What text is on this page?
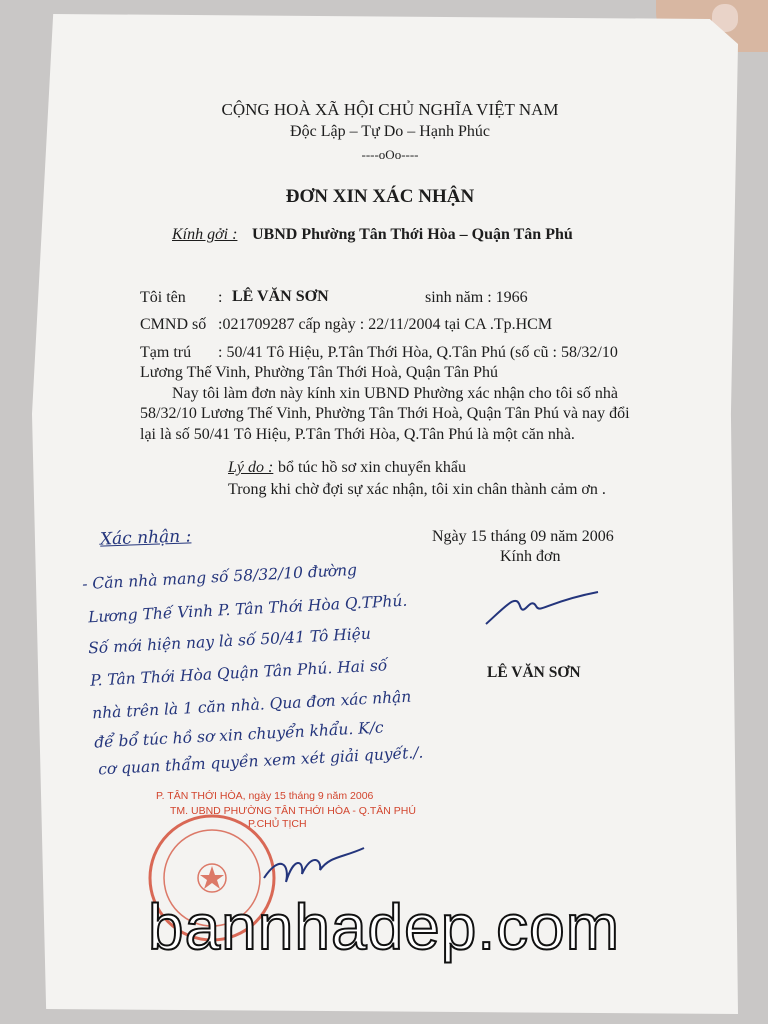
CỘNG HOÀ XÃ HỘI CHỦ NGHĨA VIỆT NAM
Độc Lập – Tự Do – Hạnh Phúc
----oOo----
ĐƠN XIN XÁC NHẬN
Kính gởi : UBND Phường Tân Thới Hòa – Quận Tân Phú
Tôi tên : LÊ VĂN SƠN	sinh năm : 1966
CMND số :021709287 cấp ngày : 22/11/2004 tại CA .Tp.HCM
Tạm trú : 50/41 Tô Hiệu, P.Tân Thới Hòa, Q.Tân Phú (số cũ : 58/32/10
Lương Thế Vinh, Phường Tân Thới Hoà, Quận Tân Phú
Nay tôi làm đơn này kính xin UBND Phường xác nhận cho tôi số nhà
58/32/10 Lương Thế Vinh, Phường Tân Thới Hoà, Quận Tân Phú và nay đổi
lại là số 50/41 Tô Hiệu, P.Tân Thới Hòa, Q.Tân Phú là một căn nhà.
Lý do : bổ túc hồ sơ xin chuyển khẩu
Trong khi chờ đợi sự xác nhận, tôi xin chân thành cảm ơn .
Ngày 15 tháng 09 năm 2006
Kính đơn
LÊ VĂN SƠN
Xác nhận :
- Căn nhà mang số 58/32/10 đường
Lương Thế Vinh P. Tân Thới Hòa Q.TPhú.
Số mới hiện nay là số 50/41 Tô Hiệu
P. Tân Thới Hòa Quận Tân Phú. Hai số
nhà trên là 1 căn nhà. Qua đơn xác nhận
để bổ túc hồ sơ xin chuyển khẩu. K/c
cơ quan thẩm quyền xem xét giải quyết./.
P. TÂN THỚI HÒA, ngày 15 tháng 9 năm 2006
TM. UBND PHƯỜNG TÂN THỚI HÒA - Q.TÂN PHÚ
P.CHỦ TỊCH
bannhadep.com
